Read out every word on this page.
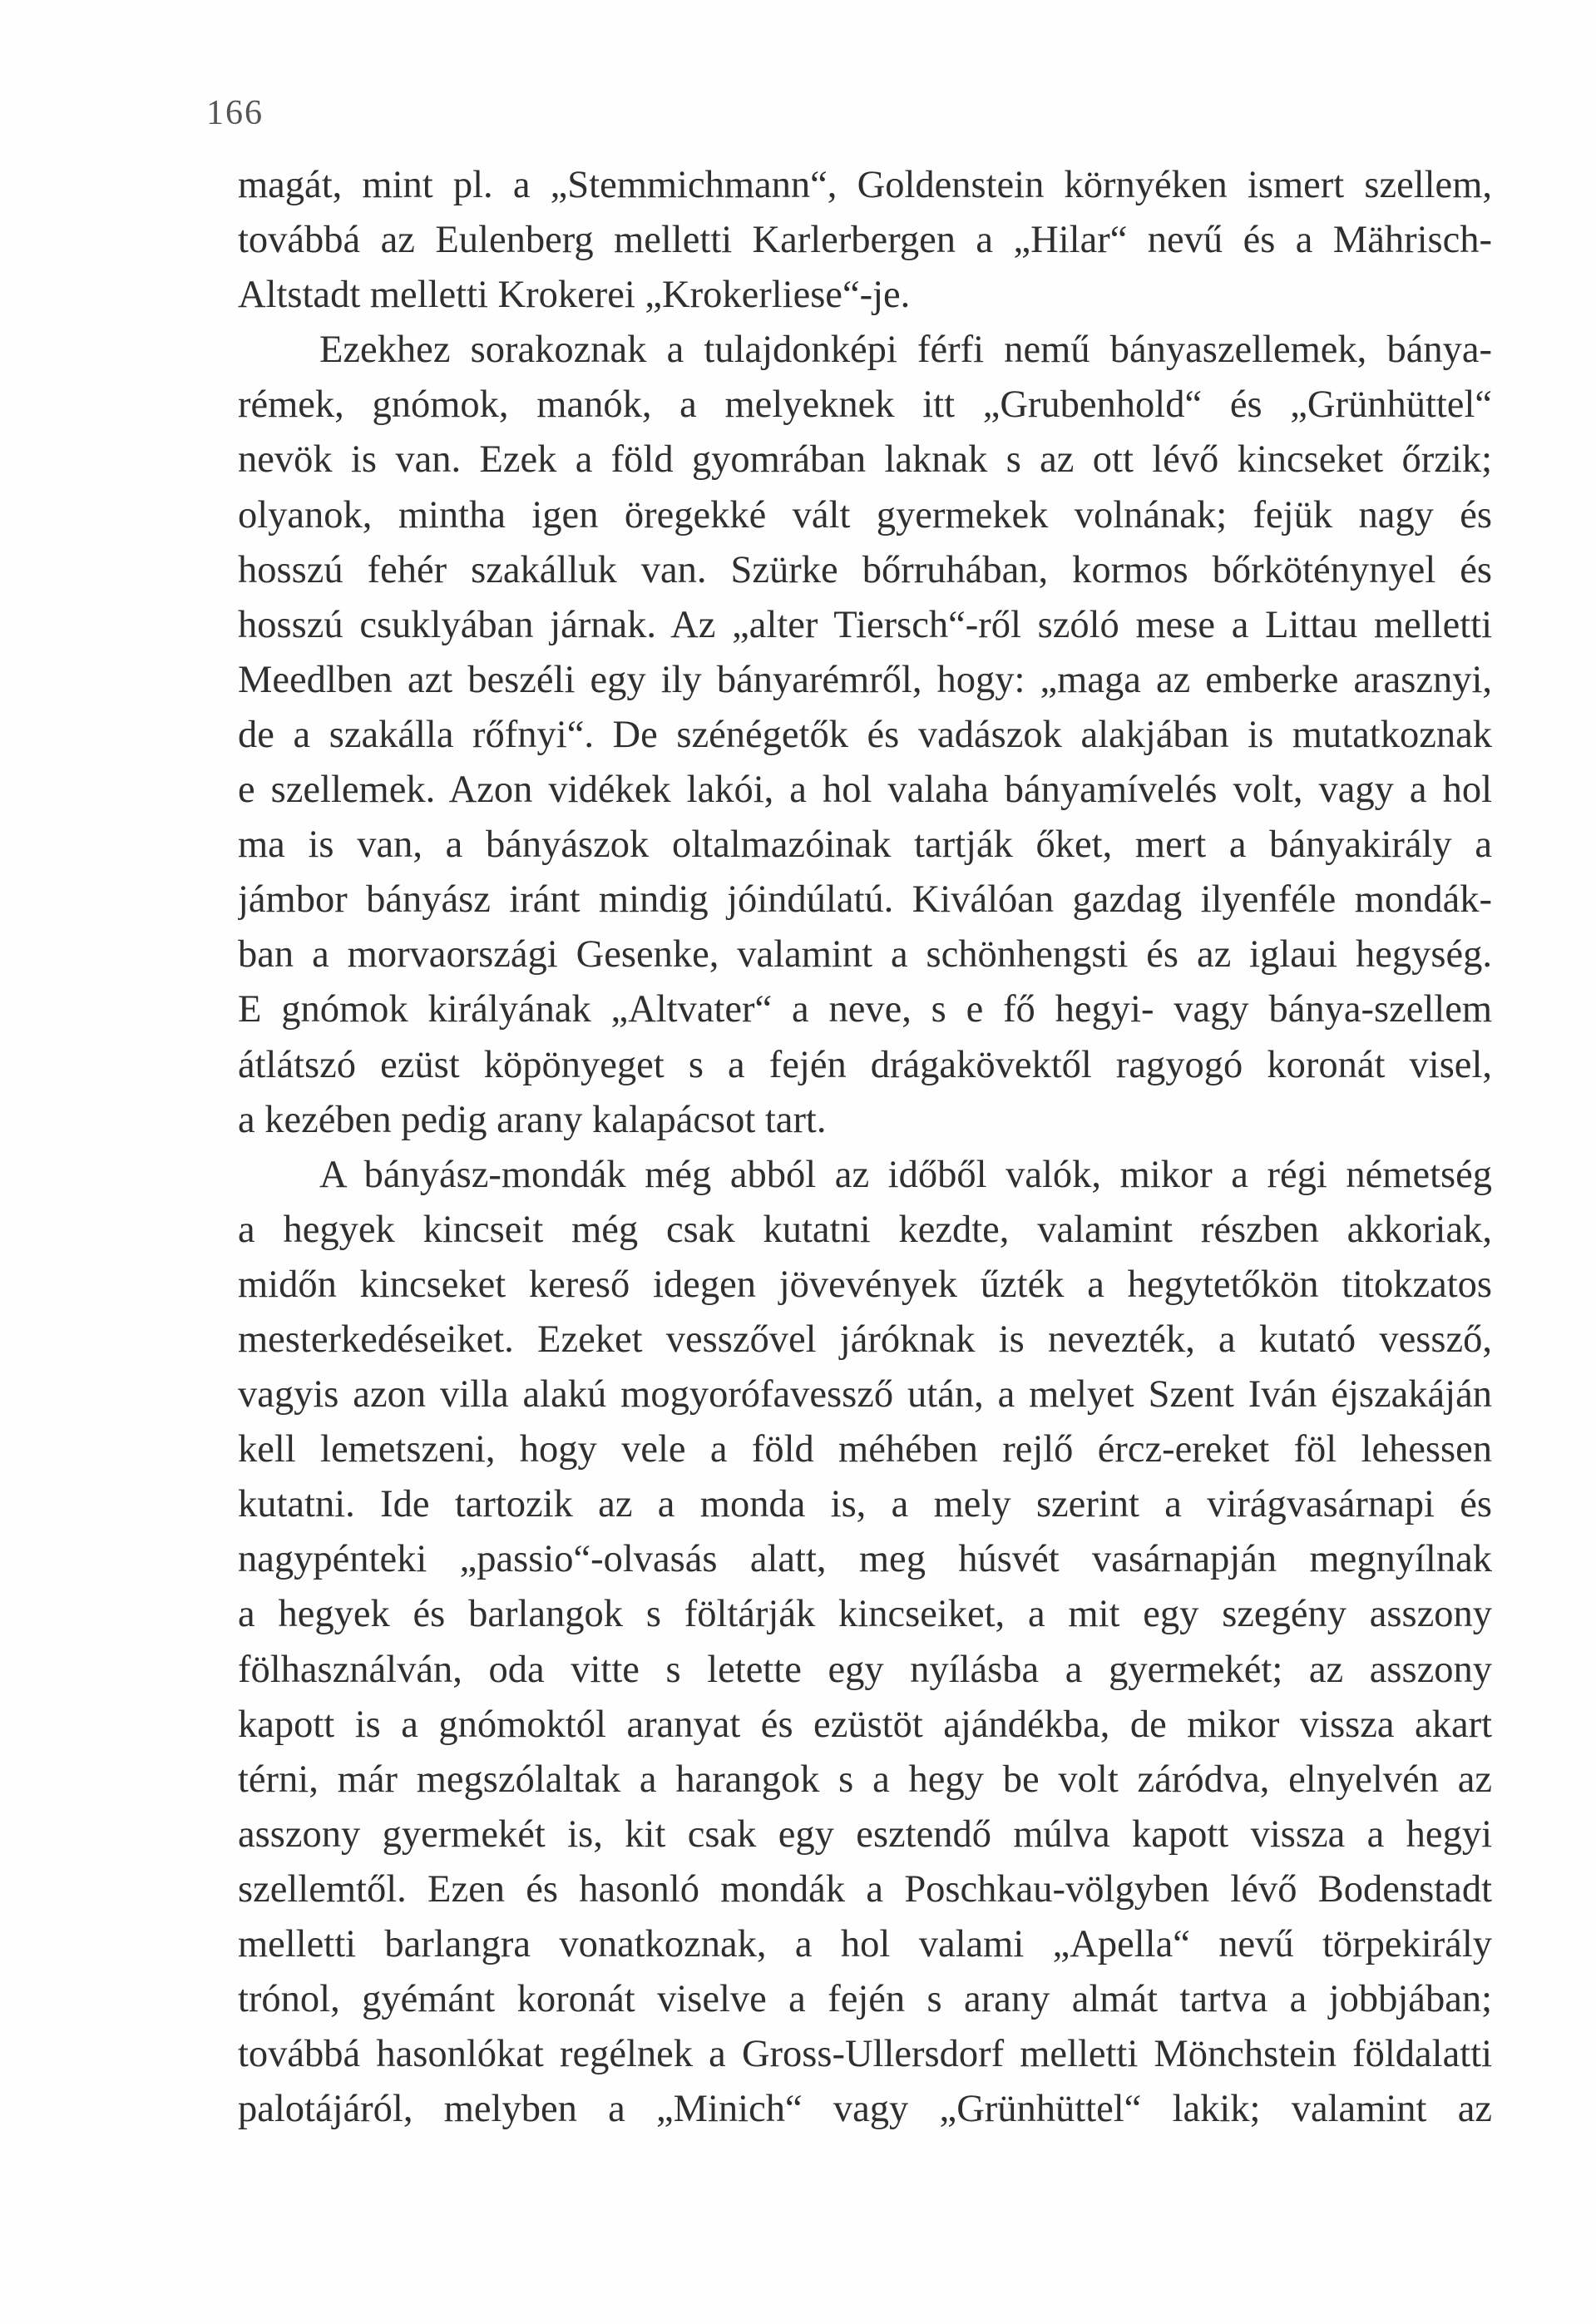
166
magát, mint pl. a „Stemmichmann“, Goldenstein környéken ismert szellem,
továbbá az Eulenberg melletti Karlerbergen a „Hilar“ nevű és a Mährisch-
Altstadt melletti Krokerei „Krokerliese“-je.
Ezekhez sorakoznak a tulajdonképi férfi nemű bányaszellemek, bánya-
rémek, gnómok, manók, a melyeknek itt „Grubenhold“ és „Grünhüttel“
nevök is van. Ezek a föld gyomrában laknak s az ott lévő kincseket őrzik;
olyanok, mintha igen öregekké vált gyermekek volnának; fejük nagy és
hosszú fehér szakálluk van. Szürke bőrruhában, kormos bőrköténynyel és
hosszú csuklyában járnak. Az „alter Tiersch“-ről szóló mese a Littau melletti
Meedlben azt beszéli egy ily bányarémről, hogy: „maga az emberke arasznyi,
de a szakálla rőfnyi“. De szénégetők és vadászok alakjában is mutatkoznak
e szellemek. Azon vidékek lakói, a hol valaha bányamívelés volt, vagy a hol
ma is van, a bányászok oltalmazóinak tartják őket, mert a bányakirály a
jámbor bányász iránt mindig jóindúlatú. Kiválóan gazdag ilyenféle mondák-
ban a morvaországi Gesenke, valamint a schönhengsti és az iglaui hegység.
E gnómok királyának „Altvater“ a neve, s e fő hegyi- vagy bánya-szellem
átlátszó ezüst köpönyeget s a fején drágakövektől ragyogó koronát visel,
a kezében pedig arany kalapácsot tart.
A bányász-mondák még abból az időből valók, mikor a régi németség
a hegyek kincseit még csak kutatni kezdte, valamint részben akkoriak,
midőn kincseket kereső idegen jövevények űzték a hegytetőkön titokzatos
mesterkedéseiket. Ezeket vesszővel járóknak is nevezték, a kutató vessző,
vagyis azon villa alakú mogyorófavessző után, a melyet Szent Iván éjszakáján
kell lemetszeni, hogy vele a föld méhében rejlő ércz-ereket föl lehessen
kutatni. Ide tartozik az a monda is, a mely szerint a virágvasárnapi és
nagypénteki „passio“-olvasás alatt, meg húsvét vasárnapján megnyílnak
a hegyek és barlangok s föltárják kincseiket, a mit egy szegény asszony
fölhasználván, oda vitte s letette egy nyílásba a gyermekét; az asszony
kapott is a gnómoktól aranyat és ezüstöt ajándékba, de mikor vissza akart
térni, már megszólaltak a harangok s a hegy be volt záródva, elnyelvén az
asszony gyermekét is, kit csak egy esztendő múlva kapott vissza a hegyi
szellemtől. Ezen és hasonló mondák a Poschkau-völgyben lévő Bodenstadt
melletti barlangra vonatkoznak, a hol valami „Apella“ nevű törpekirály
trónol, gyémánt koronát viselve a fején s arany almát tartva a jobbjában;
továbbá hasonlókat regélnek a Gross-Ullersdorf melletti Mönchstein földalatti
palotájáról, melyben a „Minich“ vagy „Grünhüttel“ lakik; valamint az
